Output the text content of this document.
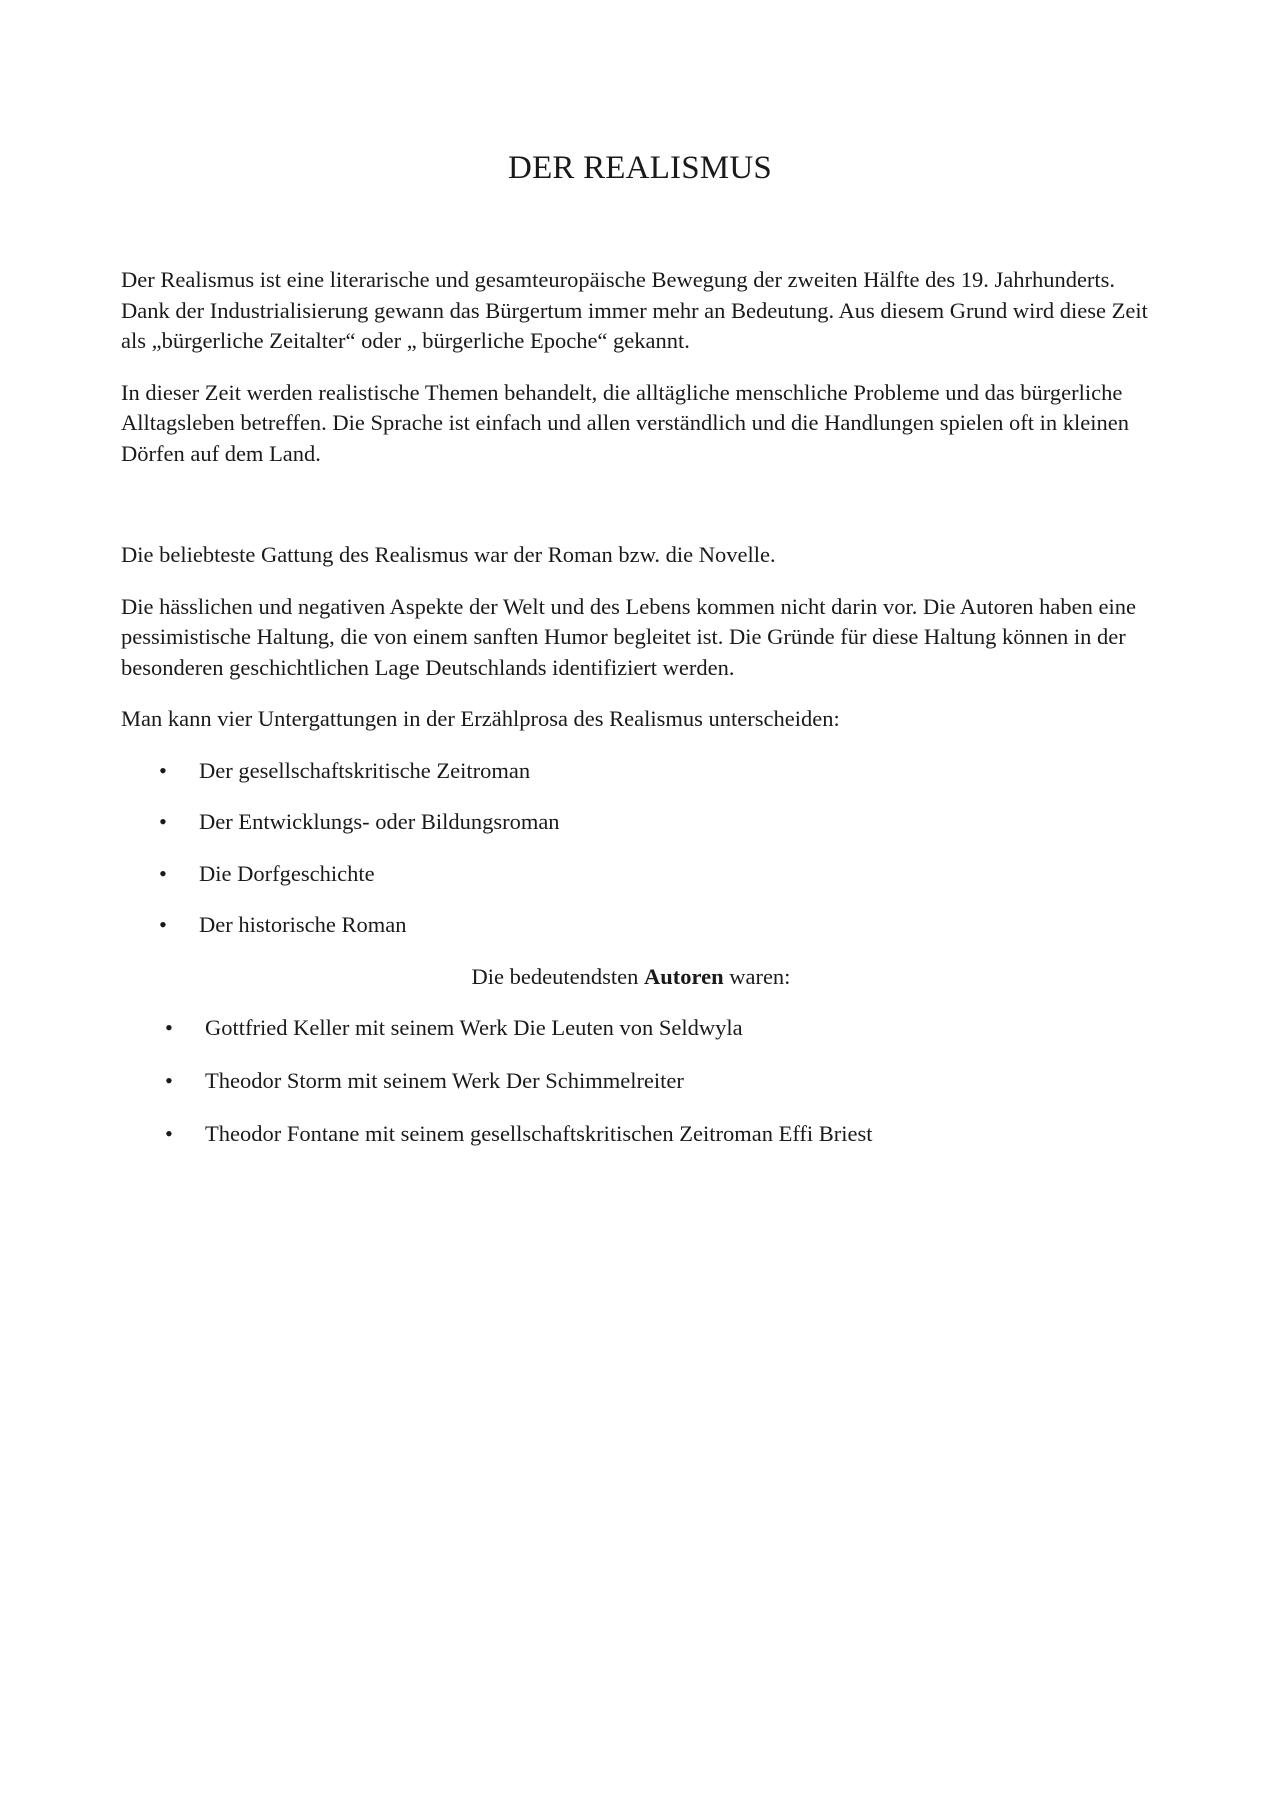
DER REALISMUS

Der Realismus ist eine literarische und gesamteuropäische Bewegung der zweiten Hälfte des 19. Jahrhunderts. Dank der Industrialisierung gewann das Bürgertum immer mehr an Bedeutung. Aus diesem Grund wird diese Zeit als „bürgerliche Zeitalter“ oder „ bürgerliche Epoche“ gekannt.

In dieser Zeit werden realistische Themen behandelt, die alltägliche menschliche Probleme und das bürgerliche Alltagsleben betreffen. Die Sprache ist einfach und allen verständlich und die Handlungen spielen oft in kleinen Dörfen auf dem Land.

Die beliebteste Gattung des Realismus war der Roman bzw. die Novelle.

Die hässlichen und negativen Aspekte der Welt und des Lebens kommen nicht darin vor. Die Autoren haben eine pessimistische Haltung, die von einem sanften Humor begleitet ist. Die Gründe für diese Haltung können in der besonderen geschichtlichen Lage Deutschlands identifiziert werden.

Man kann vier Untergattungen in der Erzählprosa des Realismus unterscheiden:

• Der gesellschaftskritische Zeitroman
• Der Entwicklungs- oder Bildungsroman
• Die Dorfgeschichte
• Der historische Roman

Die bedeutendsten Autoren waren:

• Gottfried Keller mit seinem Werk Die Leuten von Seldwyla
• Theodor Storm mit seinem Werk Der Schimmelreiter
• Theodor Fontane mit seinem gesellschaftskritischen Zeitroman Effi Briest
